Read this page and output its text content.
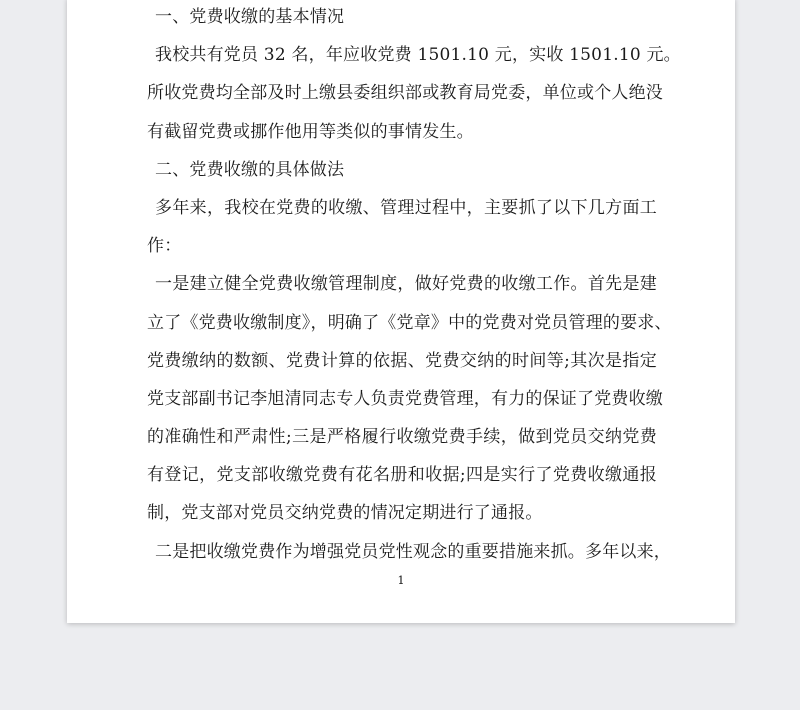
一、党费收缴的基本情况
我校共有党员 32 名，年应收党费 1501.10 元，实收 1501.10 元。
所收党费均全部及时上缴县委组织部或教育局党委，单位或个人绝没
有截留党费或挪作他用等类似的事情发生。
二、党费收缴的具体做法
多年来，我校在党费的收缴、管理过程中，主要抓了以下几方面工
作：
一是建立健全党费收缴管理制度，做好党费的收缴工作。首先是建
立了《党费收缴制度》，明确了《党章》中的党费对党员管理的要求、
党费缴纳的数额、党费计算的依据、党费交纳的时间等;其次是指定
党支部副书记李旭清同志专人负责党费管理，有力的保证了党费收缴
的准确性和严肃性;三是严格履行收缴党费手续，做到党员交纳党费
有登记，党支部收缴党费有花名册和收据;四是实行了党费收缴通报
制，党支部对党员交纳党费的情况定期进行了通报。
二是把收缴党费作为增强党员党性观念的重要措施来抓。多年以来，
1
